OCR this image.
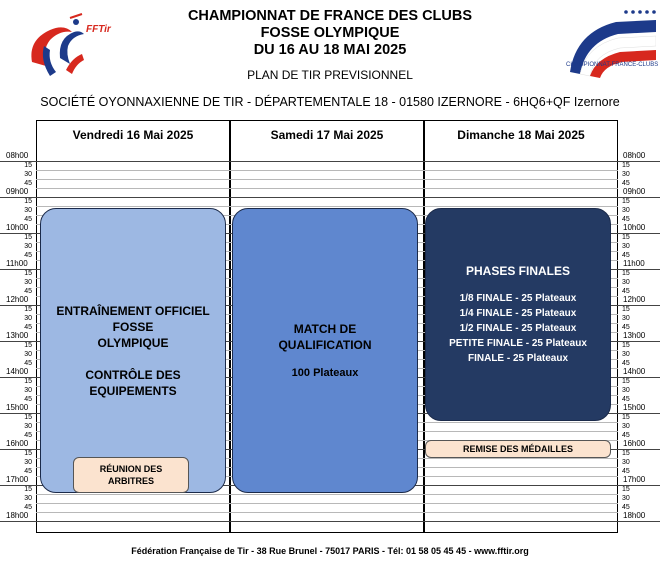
FFTir
CHAMPIONNAT DE FRANCE DES CLUBS
FOSSE OLYMPIQUE
DU 16 AU 18 MAI 2025
PLAN DE TIR PREVISIONNEL
CHAMPIONNAT-FRANCE-CLUBS
SOCIÉTÉ OYONNAXIENNE DE TIR - DÉPARTEMENTALE 18 - 01580 IZERNORE - 6HQ6+QF Izernore
Vendredi 16 Mai 2025	Samedi 17 Mai 2025	Dimanche 18 Mai 2025
08h00	08h00
15	15
30	30
45	45
09h00	09h00
15	15
30	30
45	45
10h00	10h00
15	15
30	30
45	45
11h00	11h00
15	15
30	30
45	45
12h00	12h00
15	15
30	30
45	45
13h00	13h00
15	15
30	30
45	45
14h00	14h00
15	15
30	30
45	45
15h00	15h00
15	15
30	30
45	45
16h00	16h00
15	15
30	30
45	45
17h00	17h00
15	15
30	30
45	45
18h00	18h00

ENTRAÎNEMENT OFFICIEL

FOSSE

OLYMPIQUE

CONTRÔLE DES

EQUIPEMENTS

RÉUNION DES
ARBITRES

MATCH DE

QUALIFICATION

100 Plateaux

PHASES FINALES

1/8 FINALE - 25 Plateaux

1/4 FINALE - 25 Plateaux

1/2 FINALE - 25 Plateaux

PETITE FINALE - 25 Plateaux

FINALE - 25 Plateaux

REMISE DES MÉDAILLES
Fédération Française de Tir - 38 Rue Brunel - 75017 PARIS - Tél: 01 58 05 45 45 - www.fftir.org
